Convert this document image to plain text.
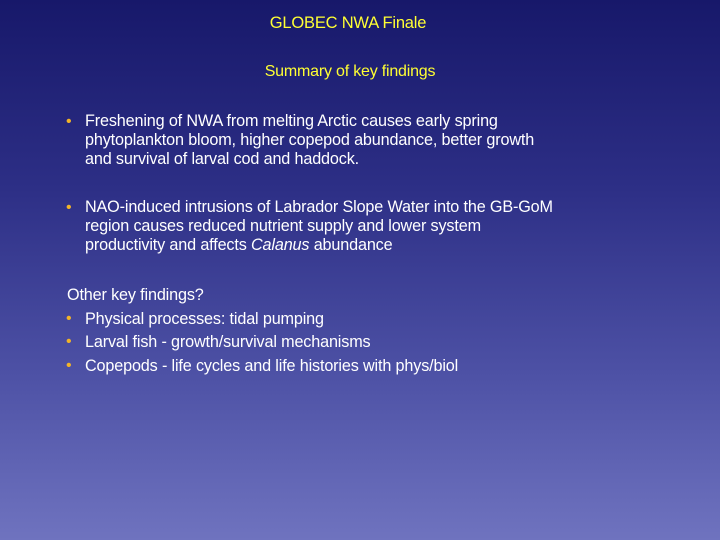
GLOBEC NWA Finale
Summary of key findings
• Freshening of NWA from melting Arctic causes early spring
phytoplankton bloom, higher copepod abundance, better growth
and survival of larval cod and haddock.
• NAO-induced intrusions of Labrador Slope Water into the GB-GoM
region causes reduced nutrient supply and lower system
productivity and affects Calanus abundance
Other key findings?
• Physical processes: tidal pumping
• Larval fish - growth/survival mechanisms
• Copepods - life cycles and life histories with phys/biol
